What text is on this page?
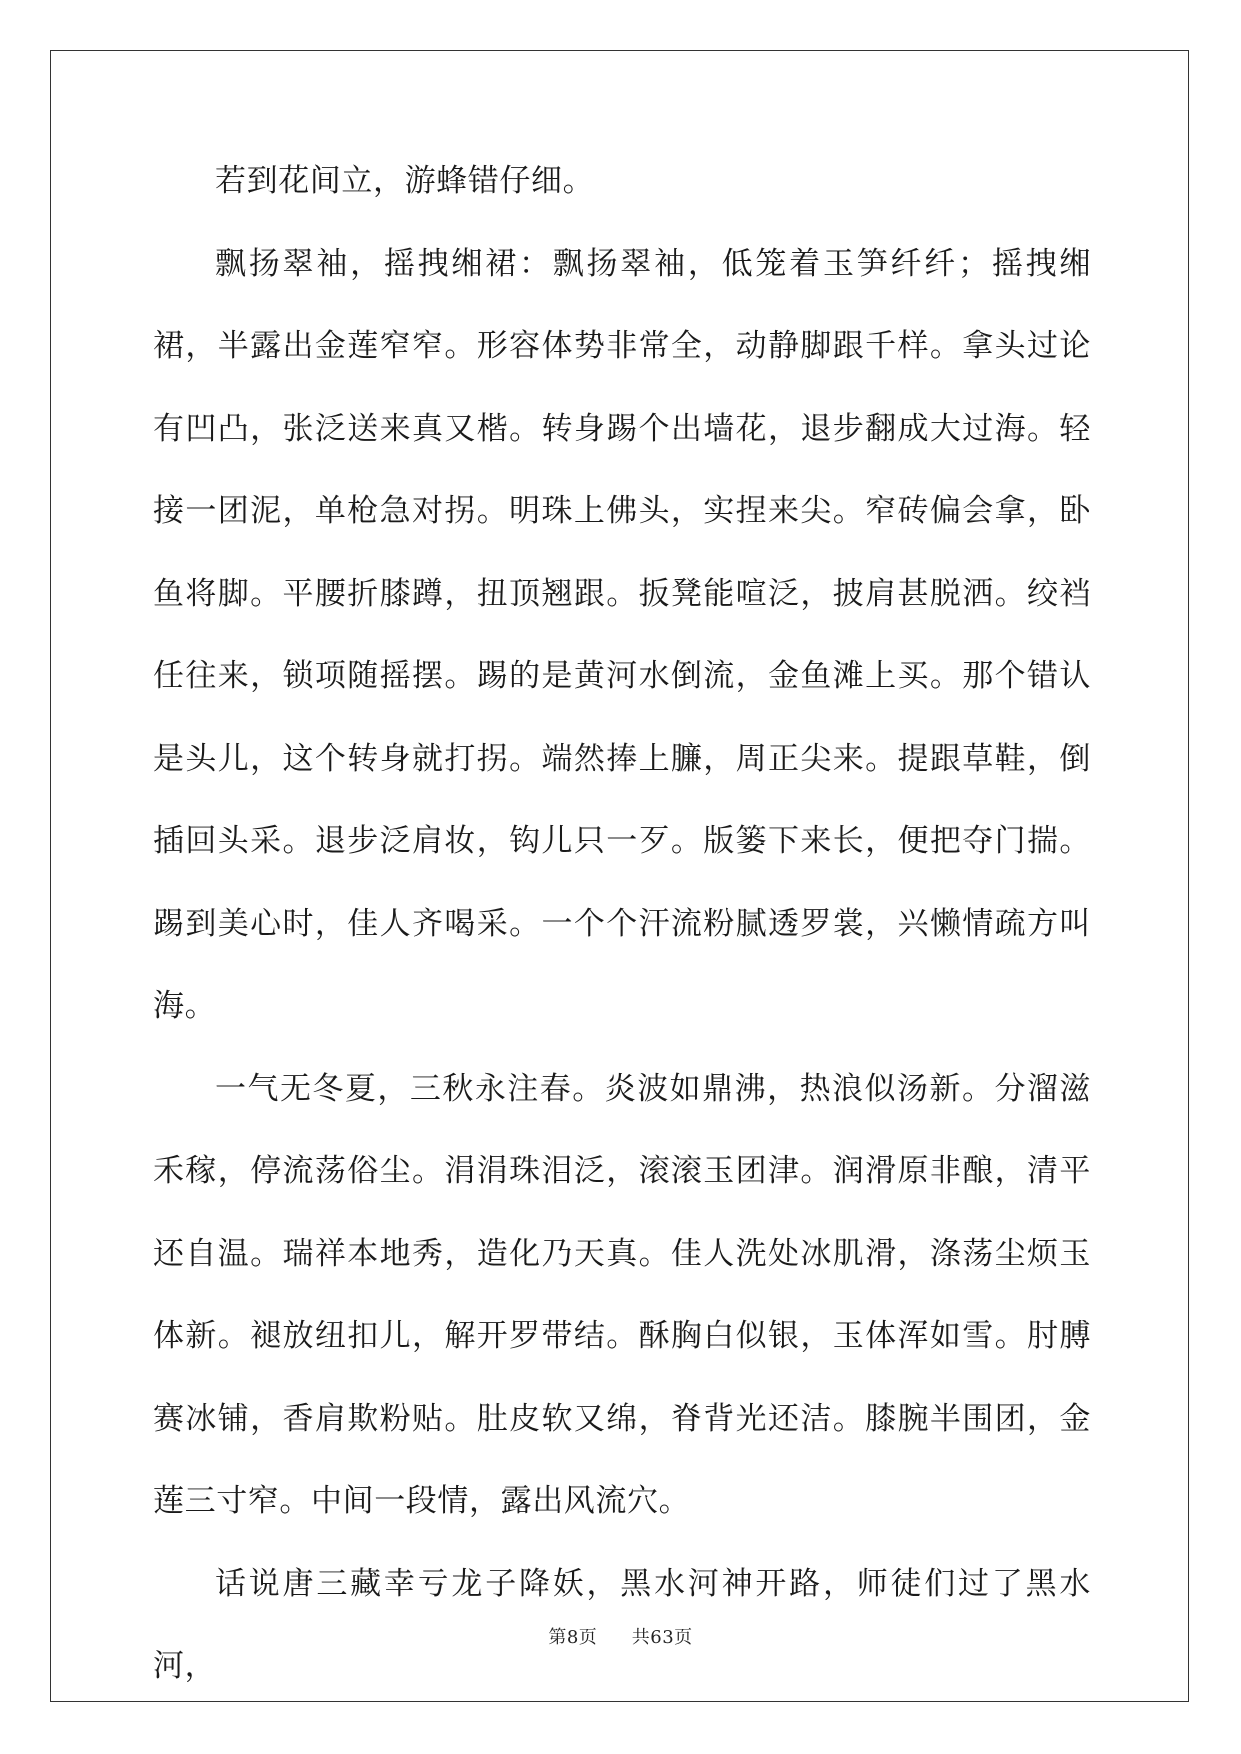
若到花间立，游蜂错仔细。

飘扬翠袖，摇拽缃裙：飘扬翠袖，低笼着玉笋纤纤；摇拽缃裙，半露出金莲窄窄。形容体势非常全，动静脚跟千样。拿头过论有凹凸，张泛送来真又楷。转身踢个出墙花，退步翻成大过海。轻接一团泥，单枪急对拐。明珠上佛头，实捏来尖。窄砖偏会拿，卧鱼将脚。平腰折膝蹲，扭顶翘跟。扳凳能喧泛，披肩甚脱洒。绞裆任往来，锁项随摇摆。踢的是黄河水倒流，金鱼滩上买。那个错认是头儿，这个转身就打拐。端然捧上臁，周正尖来。提跟草鞋，倒插回头采。退步泛肩妆，钩儿只一歹。版篓下来长，便把夺门揣。踢到美心时，佳人齐喝采。一个个汗流粉腻透罗裳，兴懒情疏方叫海。

一气无冬夏，三秋永注春。炎波如鼎沸，热浪似汤新。分溜滋禾稼，停流荡俗尘。涓涓珠泪泛，滚滚玉团津。润滑原非酿，清平还自温。瑞祥本地秀，造化乃天真。佳人洗处冰肌滑，涤荡尘烦玉体新。褪放纽扣儿，解开罗带结。酥胸白似银，玉体浑如雪。肘膊赛冰铺，香肩欺粉贴。肚皮软又绵，脊背光还洁。膝腕半围团，金莲三寸窄。中间一段情，露出风流穴。

话说唐三藏幸亏龙子降妖，黑水河神开路，师徒们过了黑水河，

第8页 共63页
